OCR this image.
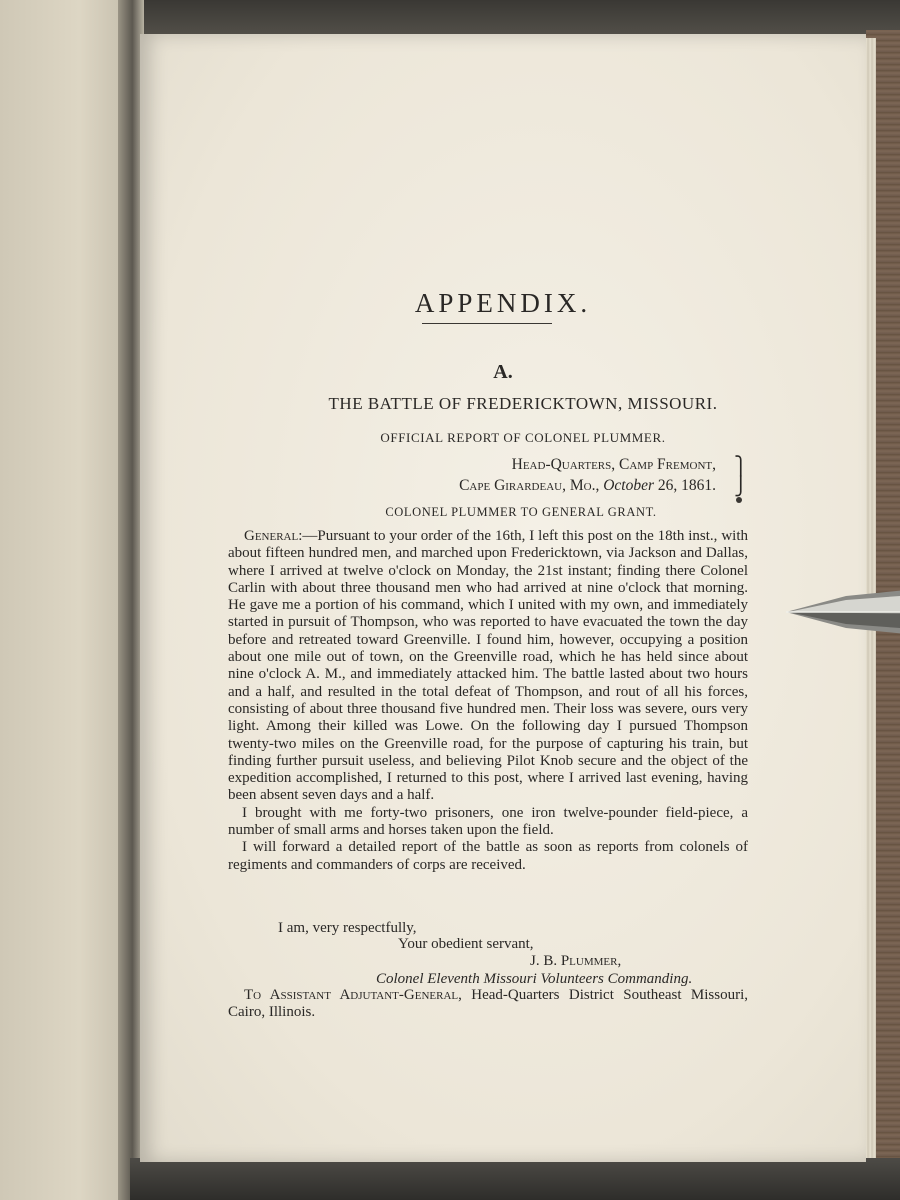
APPENDIX.
A.
THE BATTLE OF FREDERICKTOWN, MISSOURI.
OFFICIAL REPORT OF COLONEL PLUMMER.
Head-Quarters, Camp Fremont,
Cape Girardeau, Mo., October 26, 1861.
⎫
⎭
COLONEL PLUMMER TO GENERAL GRANT.

General:—Pursuant to your order of the 16th, I left this post on the 18th inst., with about fifteen hundred men, and marched upon Fredericktown, via Jackson and Dallas, where I arrived at twelve o'clock on Monday, the 21st instant; finding there Colonel Carlin with about three thousand men who had arrived at nine o'clock that morning. He gave me a portion of his command, which I united with my own, and immediately started in pursuit of Thompson, who was reported to have evacuated the town the day before and retreated toward Greenville. I found him, however, occupying a position about one mile out of town, on the Greenville road, which he has held since about nine o'clock A. M., and immediately attacked him. The battle lasted about two hours and a half, and resulted in the total defeat of Thompson, and rout of all his forces, consisting of about three thousand five hundred men. Their loss was severe, ours very light. Among their killed was Lowe. On the following day I pursued Thompson twenty-two miles on the Greenville road, for the purpose of capturing his train, but finding further pursuit useless, and believing Pilot Knob secure and the object of the expedition accomplished, I returned to this post, where I arrived last evening, having been absent seven days and a half.

I brought with me forty-two prisoners, one iron twelve-pounder field-piece, a number of small arms and horses taken upon the field.

I will forward a detailed report of the battle as soon as reports from colonels of regiments and commanders of corps are received.

I am, very respectfully,
Your obedient servant,
J. B. Plummer,
Colonel Eleventh Missouri Volunteers Commanding.
To Assistant Adjutant-General, Head-Quarters District Southeast Missouri, Cairo, Illinois.
